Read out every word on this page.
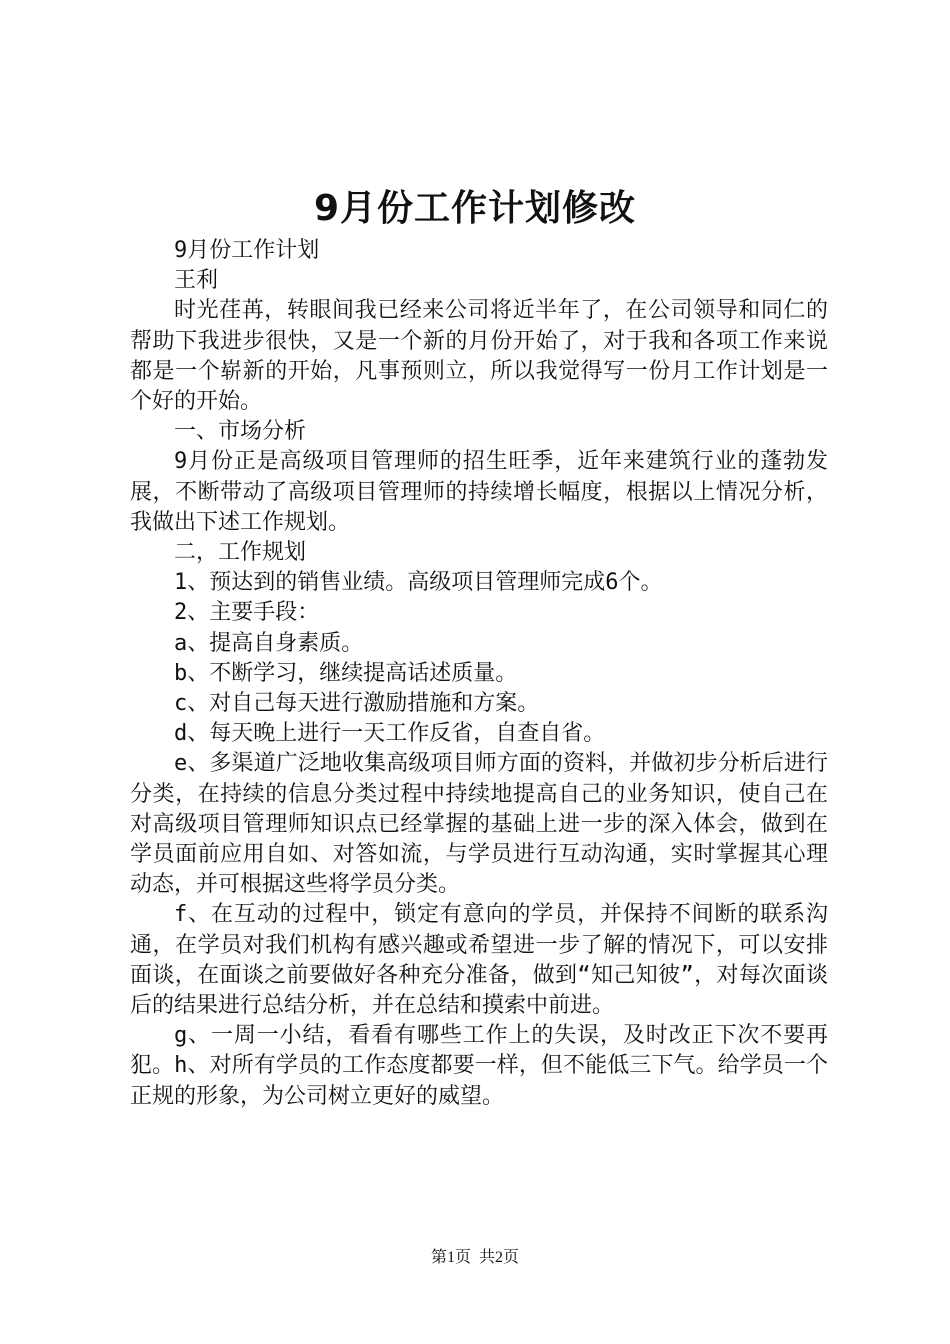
9月份工作计划修改

9月份工作计划

王利

时光荏苒，转眼间我已经来公司将近半年了，在公司领导和同仁的帮助下我进步很快，又是一个新的月份开始了，对于我和各项工作来说都是一个崭新的开始，凡事预则立，所以我觉得写一份月工作计划是一个好的开始。

一、市场分析

9月份正是高级项目管理师的招生旺季，近年来建筑行业的蓬勃发展，不断带动了高级项目管理师的持续增长幅度，根据以上情况分析，我做出下述工作规划。

二，工作规划

1、预达到的销售业绩。高级项目管理师完成6个。

2、主要手段：

a、提高自身素质。

b、不断学习，继续提高话述质量。

c、对自己每天进行激励措施和方案。

d、每天晚上进行一天工作反省，自查自省。

e、多渠道广泛地收集高级项目师方面的资料，并做初步分析后进行分类，在持续的信息分类过程中持续地提高自己的业务知识，使自己在对高级项目管理师知识点已经掌握的基础上进一步的深入体会，做到在学员面前应用自如、对答如流，与学员进行互动沟通，实时掌握其心理动态，并可根据这些将学员分类。

f、在互动的过程中，锁定有意向的学员，并保持不间断的联系沟通，在学员对我们机构有感兴趣或希望进一步了解的情况下，可以安排面谈，在面谈之前要做好各种充分准备，做到“知己知彼”，对每次面谈后的结果进行总结分析，并在总结和摸索中前进。

g、一周一小结，看看有哪些工作上的失误，及时改正下次不要再犯。h、对所有学员的工作态度都要一样，但不能低三下气。给学员一个正规的形象，为公司树立更好的威望。

第1页 共2页
